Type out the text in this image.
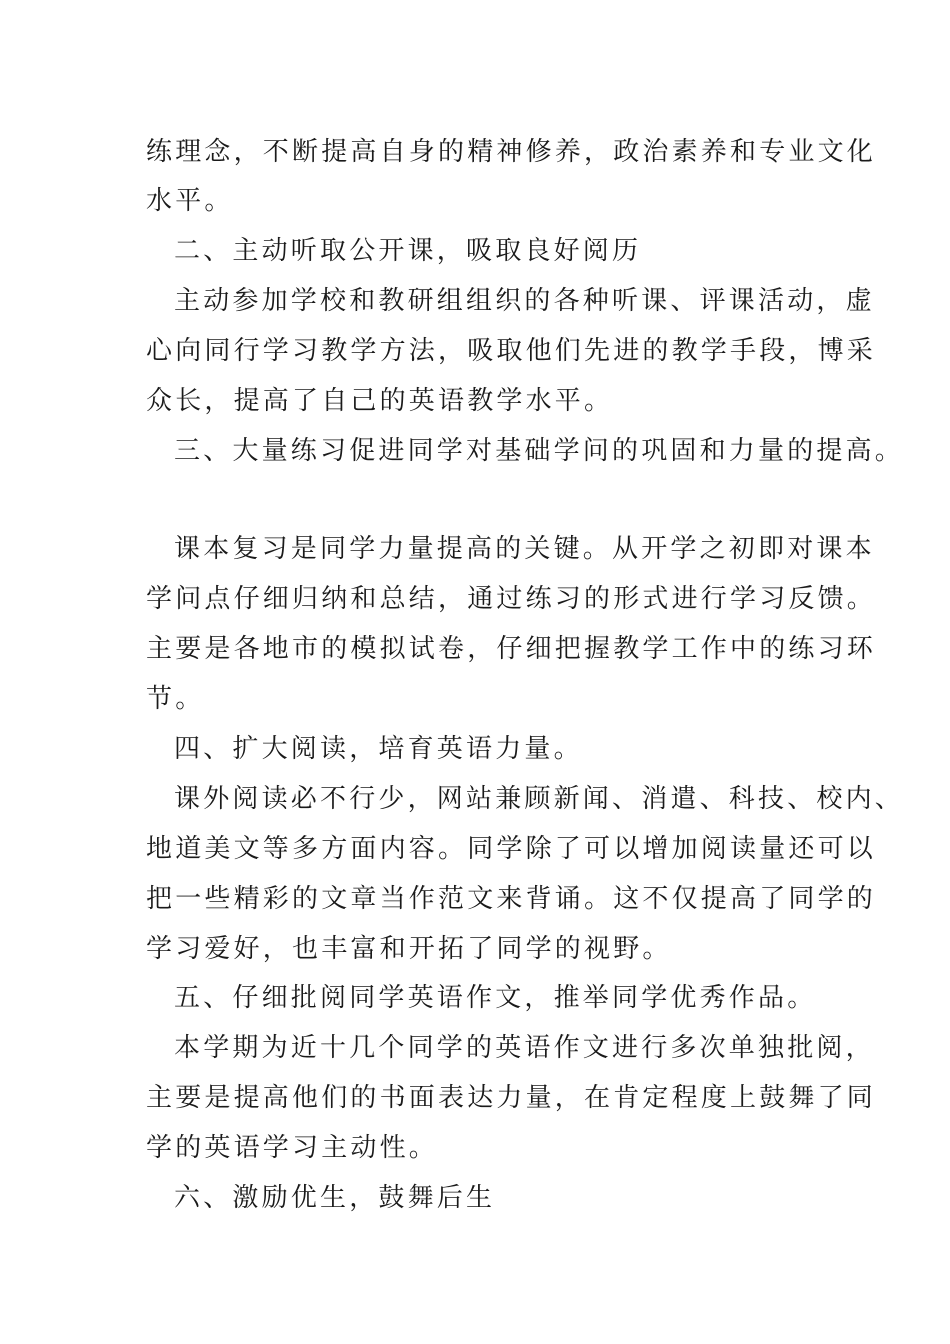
练理念，不断提高自身的精神修养，政治素养和专业文化
水平。
二、主动听取公开课，吸取良好阅历
主动参加学校和教研组组织的各种听课、评课活动，虚
心向同行学习教学方法，吸取他们先进的教学手段，博采
众长，提高了自己的英语教学水平。
三、大量练习促进同学对基础学问的巩固和力量的提高。
课本复习是同学力量提高的关键。从开学之初即对课本
学问点仔细归纳和总结，通过练习的形式进行学习反馈。
主要是各地市的模拟试卷，仔细把握教学工作中的练习环
节。
四、扩大阅读，培育英语力量。
课外阅读必不行少，网站兼顾新闻、消遣、科技、校内、
地道美文等多方面内容。同学除了可以增加阅读量还可以
把一些精彩的文章当作范文来背诵。这不仅提高了同学的
学习爱好，也丰富和开拓了同学的视野。
五、仔细批阅同学英语作文，推举同学优秀作品。
本学期为近十几个同学的英语作文进行多次单独批阅，
主要是提高他们的书面表达力量，在肯定程度上鼓舞了同
学的英语学习主动性。
六、激励优生，鼓舞后生
